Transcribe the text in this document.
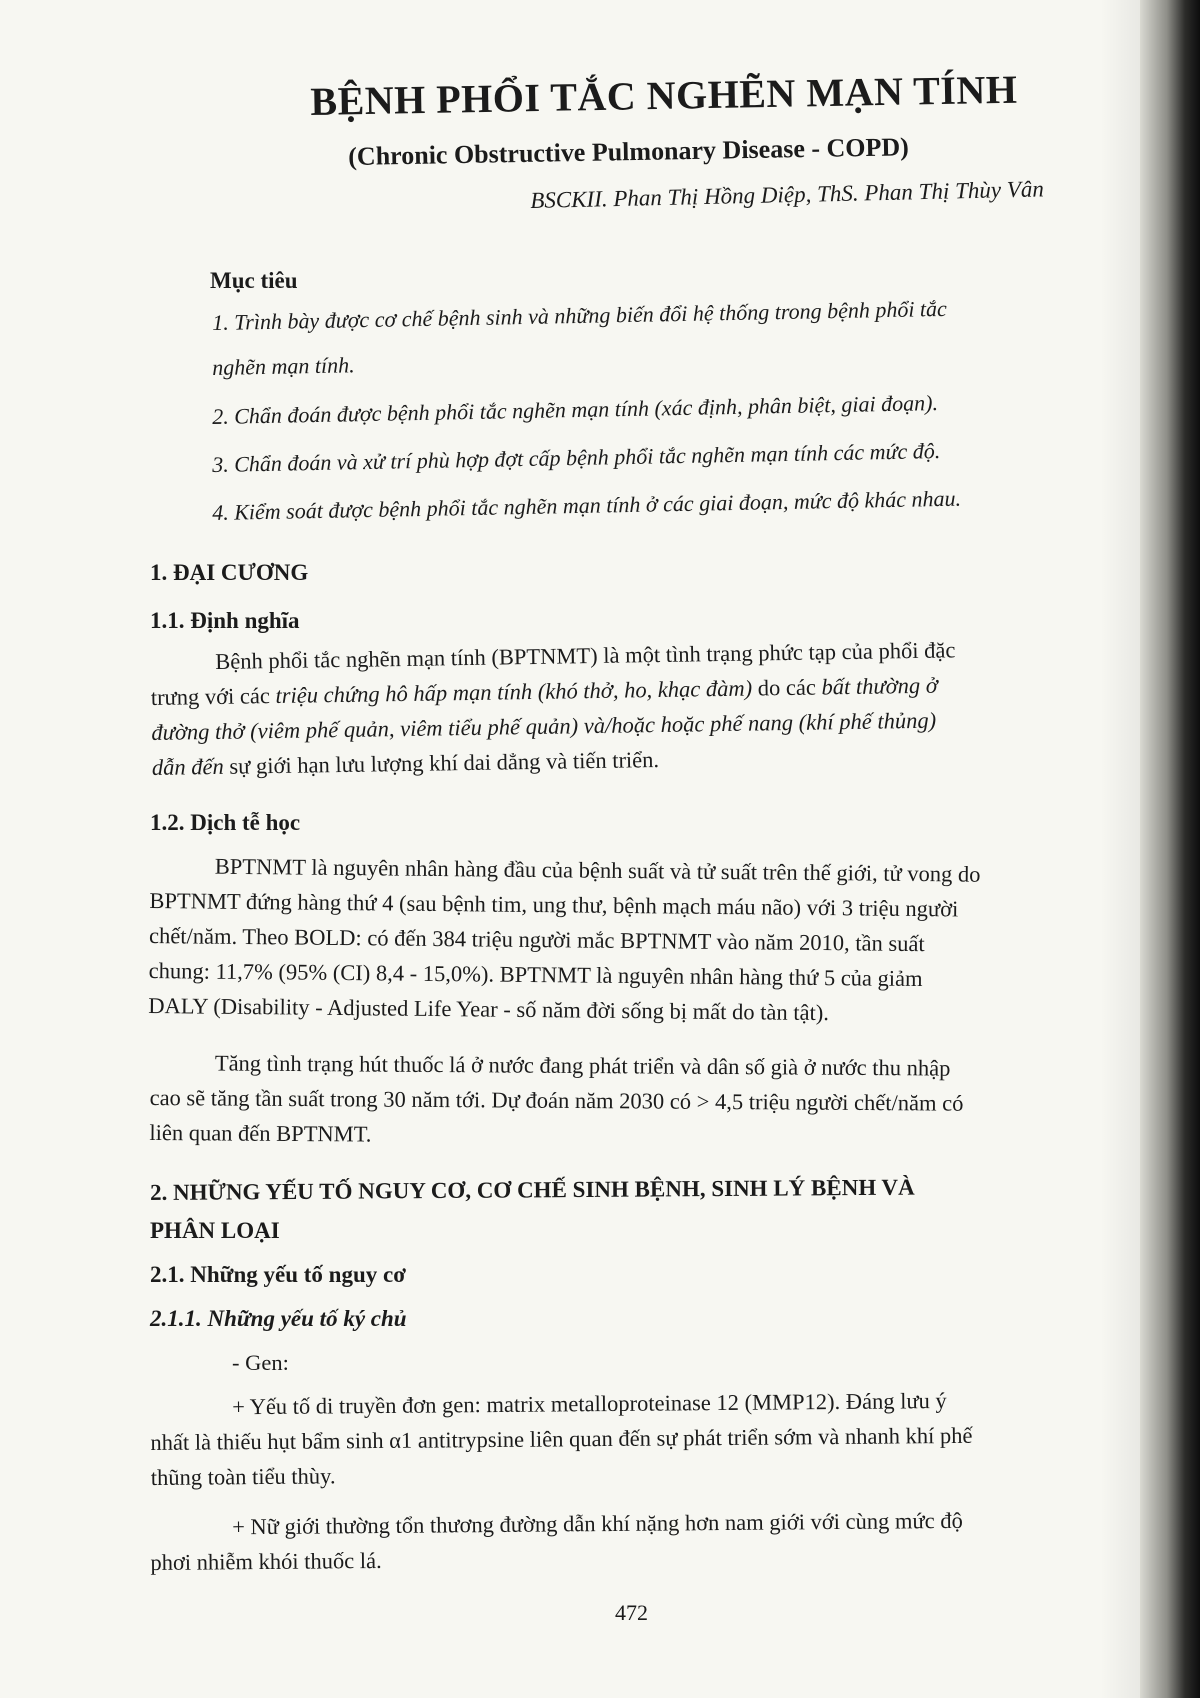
BỆNH PHỔI TẮC NGHẼN MẠN TÍNH
(Chronic Obstructive Pulmonary Disease - COPD)
BSCKII. Phan Thị Hồng Diệp, ThS. Phan Thị Thùy Vân
Mục tiêu
1. Trình bày được cơ chế bệnh sinh và những biến đổi hệ thống trong bệnh phổi tắc
nghẽn mạn tính.
2. Chẩn đoán được bệnh phổi tắc nghẽn mạn tính (xác định, phân biệt, giai đoạn).
3. Chẩn đoán và xử trí phù hợp đợt cấp bệnh phổi tắc nghẽn mạn tính các mức độ.
4. Kiểm soát được bệnh phổi tắc nghẽn mạn tính ở các giai đoạn, mức độ khác nhau.
1. ĐẠI CƯƠNG
1.1. Định nghĩa
Bệnh phổi tắc nghẽn mạn tính (BPTNMT) là một tình trạng phức tạp của phổi đặc
trưng với các triệu chứng hô hấp mạn tính (khó thở, ho, khạc đàm) do các bất thường ở
đường thở (viêm phế quản, viêm tiểu phế quản) và/hoặc hoặc phế nang (khí phế thủng)
dẫn đến sự giới hạn lưu lượng khí dai dẳng và tiến triển.
1.2. Dịch tễ học
BPTNMT là nguyên nhân hàng đầu của bệnh suất và tử suất trên thế giới, tử vong do
BPTNMT đứng hàng thứ 4 (sau bệnh tim, ung thư, bệnh mạch máu não) với 3 triệu người
chết/năm. Theo BOLD: có đến 384 triệu người mắc BPTNMT vào năm 2010, tần suất
chung: 11,7% (95% (CI) 8,4 - 15,0%). BPTNMT là nguyên nhân hàng thứ 5 của giảm
DALY (Disability - Adjusted Life Year - số năm đời sống bị mất do tàn tật).
Tăng tình trạng hút thuốc lá ở nước đang phát triển và dân số già ở nước thu nhập
cao sẽ tăng tần suất trong 30 năm tới. Dự đoán năm 2030 có > 4,5 triệu người chết/năm có
liên quan đến BPTNMT.
2. NHỮNG YẾU TỐ NGUY CƠ, CƠ CHẾ SINH BỆNH, SINH LÝ BỆNH VÀ
PHÂN LOẠI
2.1. Những yếu tố nguy cơ
2.1.1. Những yếu tố ký chủ
- Gen:
+ Yếu tố di truyền đơn gen: matrix metalloproteinase 12 (MMP12). Đáng lưu ý
nhất là thiếu hụt bẩm sinh α1 antitrypsine liên quan đến sự phát triển sớm và nhanh khí phế
thũng toàn tiểu thùy.
+ Nữ giới thường tổn thương đường dẫn khí nặng hơn nam giới với cùng mức độ
phơi nhiễm khói thuốc lá.
472
